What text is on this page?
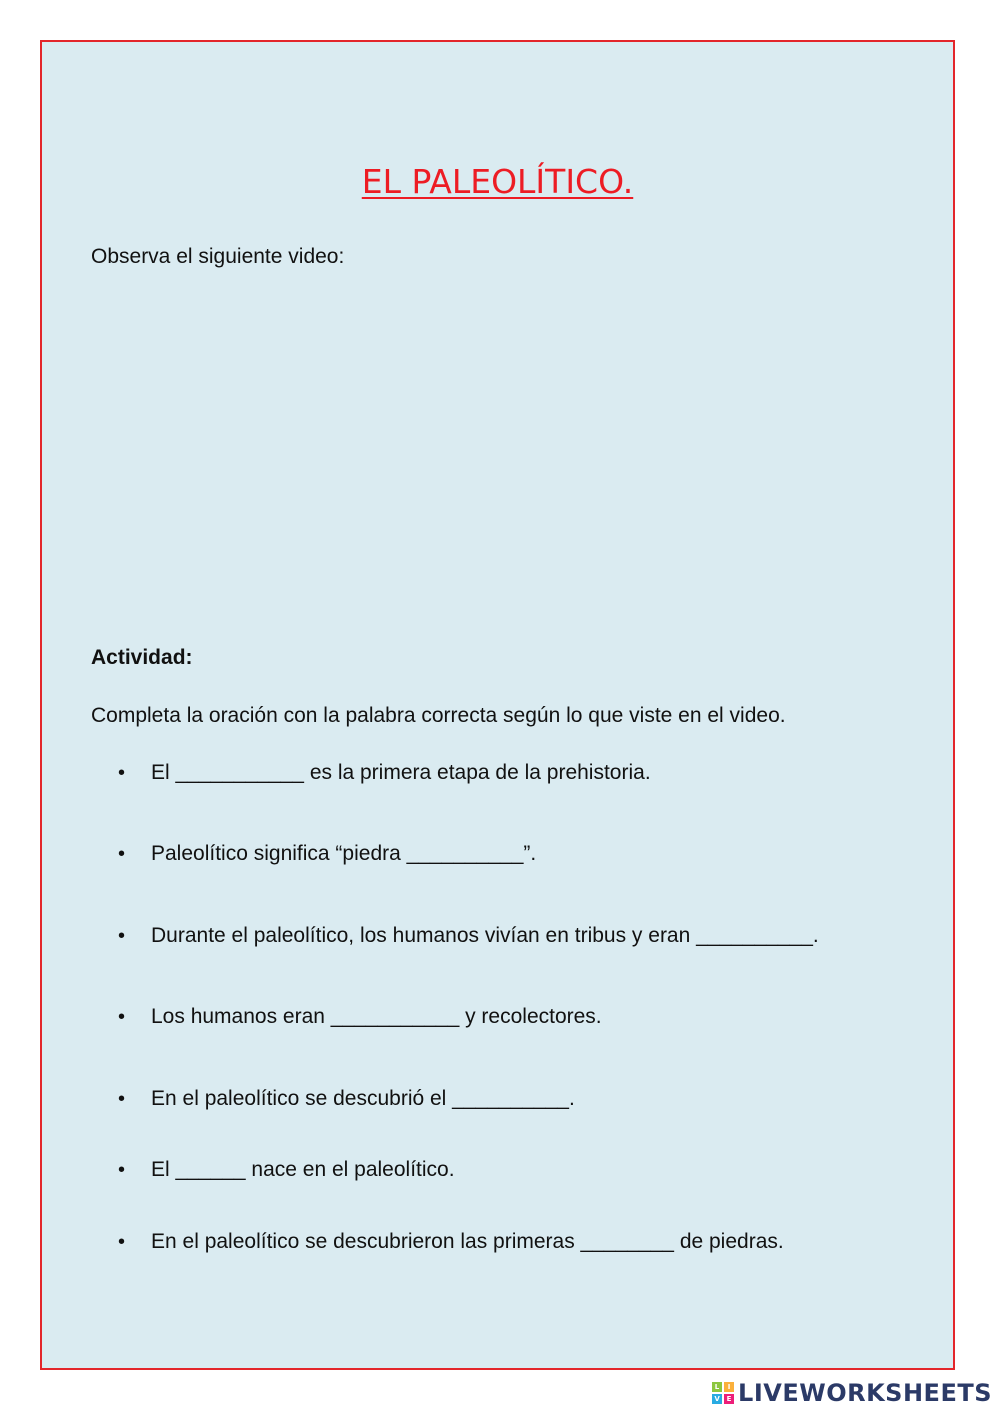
EL PALEOLÍTICO.

Observa el siguiente video:

Actividad:

Completa la oración con la palabra correcta según lo que viste en el video.

•	El ___________ es la primera etapa de la prehistoria.
•	Paleolítico significa “piedra __________”.
•	Durante el paleolítico, los humanos vivían en tribus y eran __________.
•	Los humanos eran ___________ y recolectores.
•	En el paleolítico se descubrió el __________.
•	El ______ nace en el paleolítico.
•	En el paleolítico se descubrieron las primeras ________ de piedras.
L	I
V E LIVEWORKSHEETS
